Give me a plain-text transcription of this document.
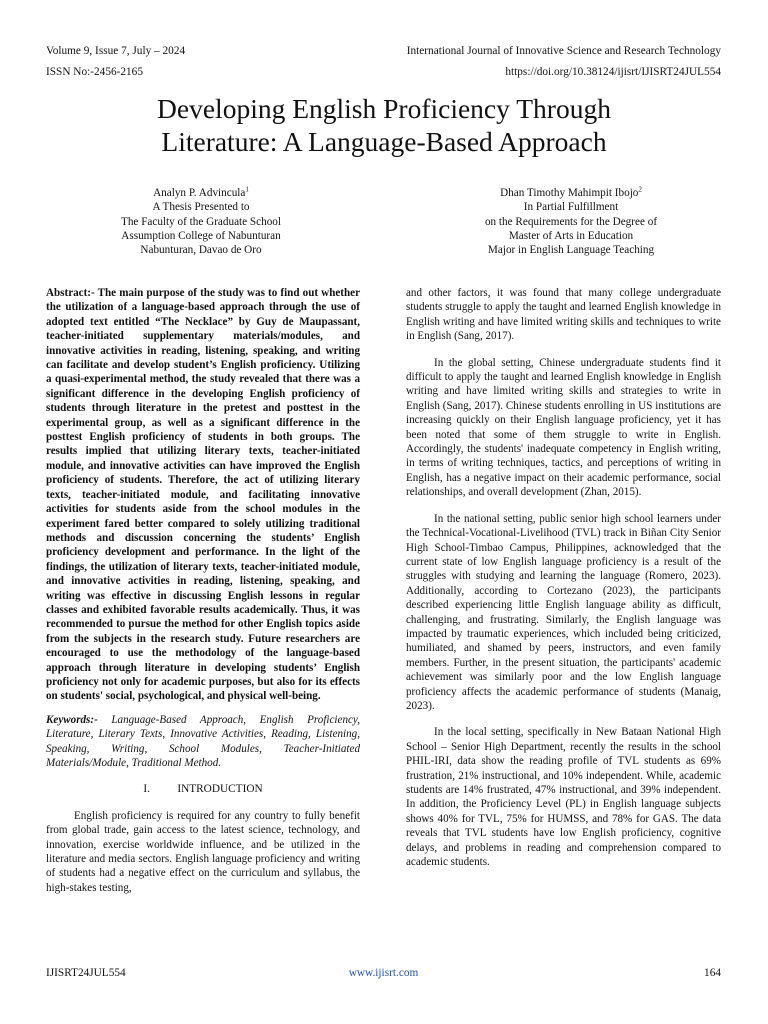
Volume 9, Issue 7, July – 2024	International Journal of Innovative Science and Research Technology
ISSN No:-2456-2165	https://doi.org/10.38124/ijisrt/IJISRT24JUL554
Developing English Proficiency Through
Literature: A Language-Based Approach
Analyn P. Advincula$^1$
A Thesis Presented to
The Faculty of the Graduate School
Assumption College of Nabunturan
Nabunturan, Davao de Oro
Dhan Timothy Mahimpit Ibojo$^2$
In Partial Fulfillment
on the Requirements for the Degree of
Master of Arts in Education
Major in English Language Teaching

Abstract:- The main purpose of the study was to find out whether the utilization of a language-based approach through the use of adopted text entitled “The Necklace” by Guy de Maupassant, teacher-initiated supplementary materials/modules, and innovative activities in reading, listening, speaking, and writing can facilitate and develop student’s English proficiency. Utilizing a quasi-experimental method, the study revealed that there was a significant difference in the developing English proficiency of students through literature in the pretest and posttest in the experimental group, as well as a significant difference in the posttest English proficiency of students in both groups. The results implied that utilizing literary texts, teacher-initiated module, and innovative activities can have improved the English proficiency of students. Therefore, the act of utilizing literary texts, teacher-initiated module, and facilitating innovative activities for students aside from the school modules in the experiment fared better compared to solely utilizing traditional methods and discussion concerning the students’ English proficiency development and performance. In the light of the findings, the utilization of literary texts, teacher-initiated module, and innovative activities in reading, listening, speaking, and writing was effective in discussing English lessons in regular classes and exhibited favorable results academically. Thus, it was recommended to pursue the method for other English topics aside from the subjects in the research study. Future researchers are encouraged to use the methodology of the language-based approach through literature in developing students’ English proficiency not only for academic purposes, but also for its effects on students' social, psychological, and physical well-being.

Keywords:- Language-Based Approach, English Proficiency, Literature, Literary Texts, Innovative Activities, Reading, Listening, Speaking, Writing, School Modules, Teacher-Initiated Materials/Module, Traditional Method.

I. INTRODUCTION

English proficiency is required for any country to fully benefit from global trade, gain access to the latest science, technology, and innovation, exercise worldwide influence, and be utilized in the literature and media sectors. English language proficiency and writing of students had a negative effect on the curriculum and syllabus, the high-stakes testing,

and other factors, it was found that many college undergraduate students struggle to apply the taught and learned English knowledge in English writing and have limited writing skills and techniques to write in English (Sang, 2017).

In the global setting, Chinese undergraduate students find it difficult to apply the taught and learned English knowledge in English writing and have limited writing skills and strategies to write in English (Sang, 2017). Chinese students enrolling in US institutions are increasing quickly on their English language proficiency, yet it has been noted that some of them struggle to write in English. Accordingly, the students' inadequate competency in English writing, in terms of writing techniques, tactics, and perceptions of writing in English, has a negative impact on their academic performance, social relationships, and overall development (Zhan, 2015).

In the national setting, public senior high school learners under the Technical-Vocational-Livelihood (TVL) track in Biñan City Senior High School-Timbao Campus, Philippines, acknowledged that the current state of low English language proficiency is a result of the struggles with studying and learning the language (Romero, 2023). Additionally, according to Cortezano (2023), the participants described experiencing little English language ability as difficult, challenging, and frustrating. Similarly, the English language was impacted by traumatic experiences, which included being criticized, humiliated, and shamed by peers, instructors, and even family members. Further, in the present situation, the participants' academic achievement was similarly poor and the low English language proficiency affects the academic performance of students (Manaig, 2023).

In the local setting, specifically in New Bataan National High School – Senior High Department, recently the results in the school PHIL-IRI, data show the reading profile of TVL students as 69% frustration, 21% instructional, and 10% independent. While, academic students are 14% frustrated, 47% instructional, and 39% independent. In addition, the Proficiency Level (PL) in English language subjects shows 40% for TVL, 75% for HUMSS, and 78% for GAS. The data reveals that TVL students have low English proficiency, cognitive delays, and problems in reading and comprehension compared to academic students.

IJISRT24JUL554	www.ijisrt.com	164
